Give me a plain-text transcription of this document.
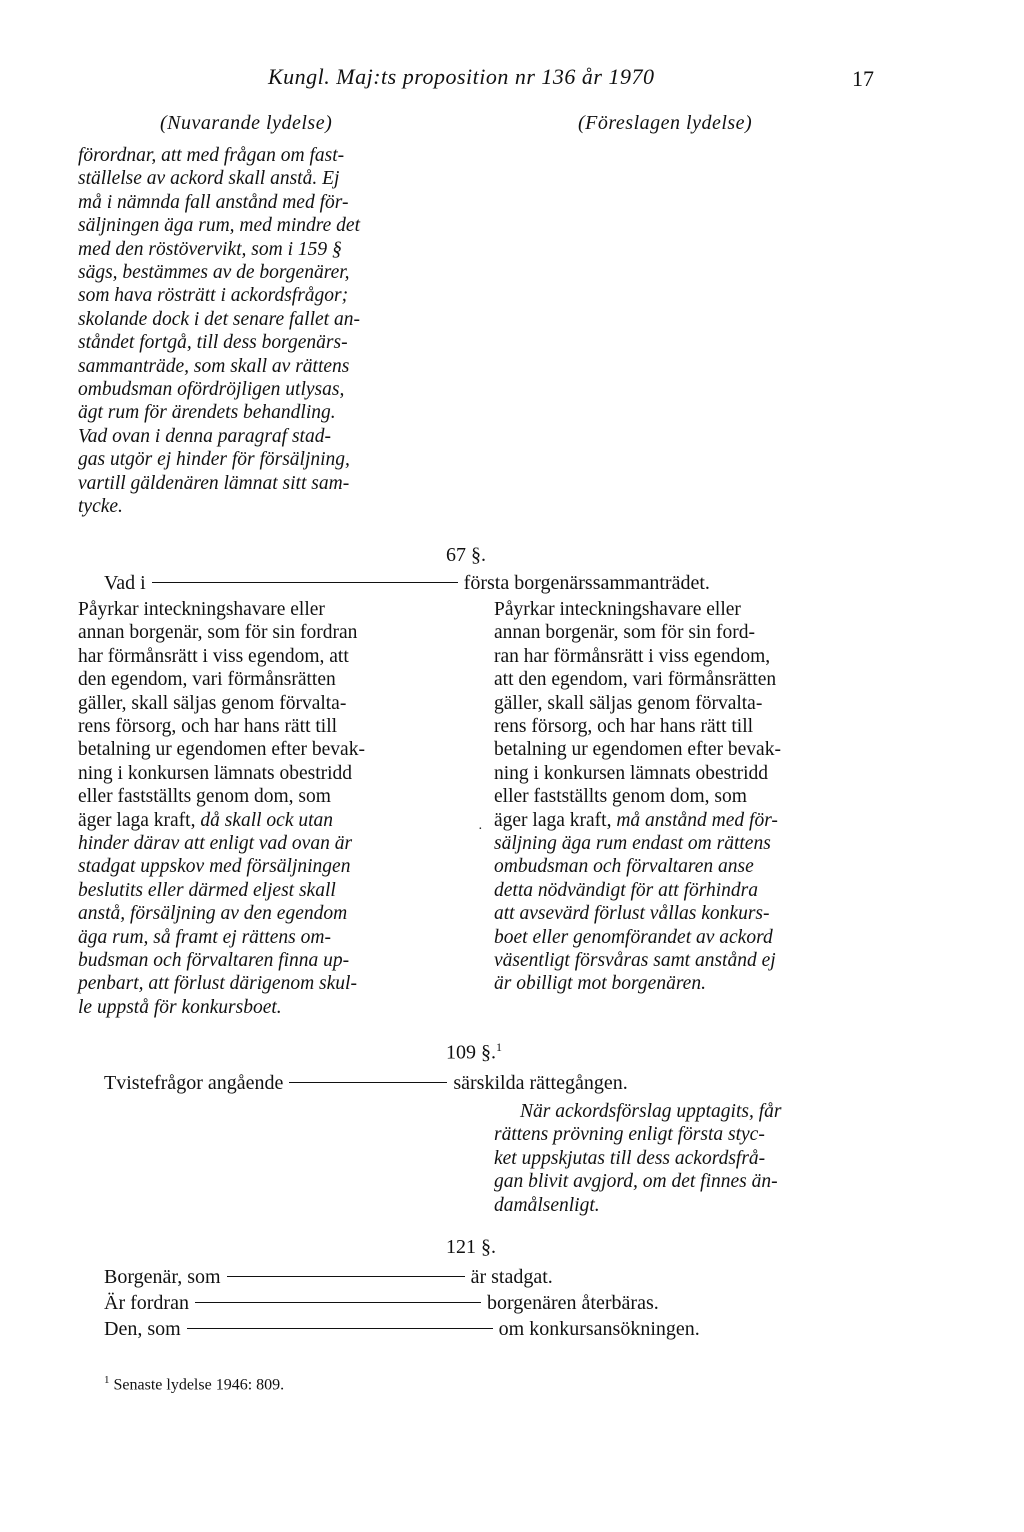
Kungl. Maj:ts proposition nr 136 år 1970	17
(Nuvarande lydelse)	(Föreslagen lydelse)
förordnar, att med frågan om fast-
ställelse av ackord skall anstå. Ej
må i nämnda fall anstånd med för-
säljningen äga rum, med mindre det
med den röstövervikt, som i 159 §
sägs, bestämmes av de borgenärer,
som hava rösträtt i ackordsfrågor;
skolande dock i det senare fallet an-
ståndet fortgå, till dess borgenärs-
sammanträde, som skall av rättens
ombudsman ofördröjligen utlysas,
ägt rum för ärendets behandling.
Vad ovan i denna paragraf stad-
gas utgör ej hinder för försäljning,
vartill gäldenären lämnat sitt sam-
tycke.
67 §.
Vad i	första borgenärssammanträdet.
Påyrkar inteckningshavare eller
annan borgenär, som för sin fordran
har förmånsrätt i viss egendom, att
den egendom, vari förmånsrätten
gäller, skall säljas genom förvalta-
rens försorg, och har hans rätt till
betalning ur egendomen efter bevak-
ning i konkursen lämnats obestridd
eller fastställts genom dom, som
äger laga kraft, då skall ock utan
hinder därav att enligt vad ovan är
stadgat uppskov med försäljningen
beslutits eller därmed eljest skall
anstå, försäljning av den egendom
äga rum, så framt ej rättens om-
budsman och förvaltaren finna up-
penbart, att förlust därigenom skul-
le uppstå för konkursboet.
·
Påyrkar inteckningshavare eller
annan borgenär, som för sin ford-
ran har förmånsrätt i viss egendom,
att den egendom, vari förmånsrätten
gäller, skall säljas genom förvalta-
rens försorg, och har hans rätt till
betalning ur egendomen efter bevak-
ning i konkursen lämnats obestridd
eller fastställts genom dom, som
äger laga kraft, må anstånd med för-
säljning äga rum endast om rättens
ombudsman och förvaltaren anse
detta nödvändigt för att förhindra
att avsevärd förlust vållas konkurs-
boet eller genomförandet av ackord
väsentligt försvåras samt anstånd ej
är obilligt mot borgenären.
109 §.$^1$
Tvistefrågor angående	särskilda rättegången.
När ackordsförslag upptagits, får
rättens prövning enligt första styc-
ket uppskjutas till dess ackordsfrå-
gan blivit avgjord, om det finnes än-
damålsenligt.
121 §.
Borgenär, som	är stadgat.
Är fordran	borgenären återbäras.
Den, som	om konkursansökningen.
$^1$ Senaste lydelse 1946: 809.
